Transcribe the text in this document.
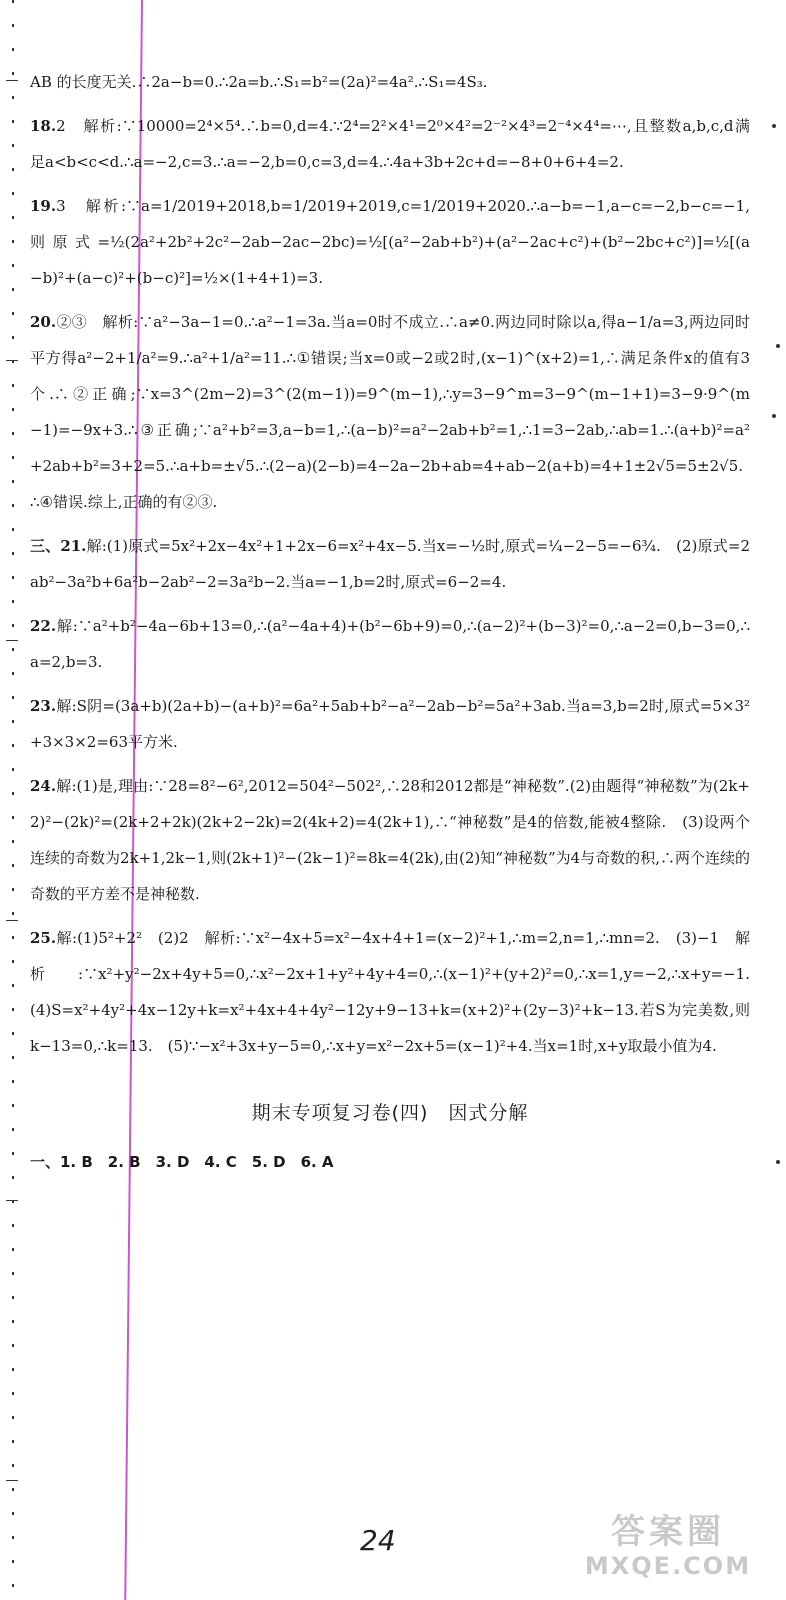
AB 的长度无关.∴2a−b=0.∴2a=b.∴S₁=b²=(2a)²=4a².∴S₁=4S₃.

18.2　解析:∵10000=2⁴×5⁴.∴b=0,d=4.∵2⁴=2²×4¹=2⁰×4²=2⁻²×4³=2⁻⁴×4⁴=⋯,且整数a,b,c,d满足a<b<c<d.∴a=−2,c=3.∴a=−2,b=0,c=3,d=4.∴4a+3b+2c+d=−8+0+6+4=2.

19.3　解析:∵a=1/2019+2018,b=1/2019+2019,c=1/2019+2020.∴a−b=−1,a−c=−2,b−c=−1,则原式=½(2a²+2b²+2c²−2ab−2ac−2bc)=½[(a²−2ab+b²)+(a²−2ac+c²)+(b²−2bc+c²)]=½[(a−b)²+(a−c)²+(b−c)²]=½×(1+4+1)=3.

20.②③　解析:∵a²−3a−1=0.∴a²−1=3a.当a=0时不成立.∴a≠0.两边同时除以a,得a−1/a=3,两边同时平方得a²−2+1/a²=9.∴a²+1/a²=11.∴①错误;当x=0或−2或2时,(x−1)^(x+2)=1,∴满足条件x的值有3个.∴②正确;∵x=3^(2m−2)=3^(2(m−1))=9^(m−1),∴y=3−9^m=3−9^(m−1+1)=3−9·9^(m−1)=−9x+3.∴③正确;∵a²+b²=3,a−b=1,∴(a−b)²=a²−2ab+b²=1,∴1=3−2ab,∴ab=1.∴(a+b)²=a²+2ab+b²=3+2=5.∴a+b=±√5.∴(2−a)(2−b)=4−2a−2b+ab=4+ab−2(a+b)=4+1±2√5=5±2√5.∴④错误.综上,正确的有②③.

三、21.解:(1)原式=5x²+2x−4x²+1+2x−6=x²+4x−5.当x=−½时,原式=¼−2−5=−6¾.　(2)原式=2ab²−3a²b+6a²b−2ab²−2=3a²b−2.当a=−1,b=2时,原式=6−2=4.

22.解:∵a²+b²−4a−6b+13=0,∴(a²−4a+4)+(b²−6b+9)=0,∴(a−2)²+(b−3)²=0,∴a−2=0,b−3=0,∴a=2,b=3.

23.解:S阴=(3a+b)(2a+b)−(a+b)²=6a²+5ab+b²−a²−2ab−b²=5a²+3ab.当a=3,b=2时,原式=5×3²+3×3×2=63平方米.

24.解:(1)是,理由:∵28=8²−6²,2012=504²−502²,∴28和2012都是“神秘数”.(2)由题得“神秘数”为(2k+2)²−(2k)²=(2k+2+2k)(2k+2−2k)=2(4k+2)=4(2k+1),∴“神秘数”是4的倍数,能被4整除.　(3)设两个连续的奇数为2k+1,2k−1,则(2k+1)²−(2k−1)²=8k=4(2k),由(2)知“神秘数”为4与奇数的积,∴两个连续的奇数的平方差不是神秘数.

25.解:(1)5²+2²　(2)2　解析:∵x²−4x+5=x²−4x+4+1=(x−2)²+1,∴m=2,n=1,∴mn=2.　(3)−1　解析:∵x²+y²−2x+4y+5=0,∴x²−2x+1+y²+4y+4=0,∴(x−1)²+(y+2)²=0,∴x=1,y=−2,∴x+y=−1.　(4)S=x²+4y²+4x−12y+k=x²+4x+4+4y²−12y+9−13+k=(x+2)²+(2y−3)²+k−13.若S为完美数,则k−13=0,∴k=13.　(5)∵−x²+3x+y−5=0,∴x+y=x²−2x+5=(x−1)²+4.当x=1时,x+y取最小值为4.

期末专项复习卷(四)　因式分解
一、1. B　2. B　3. D　4. C　5. D　6. A
24	答案圈
MXQE.COM
